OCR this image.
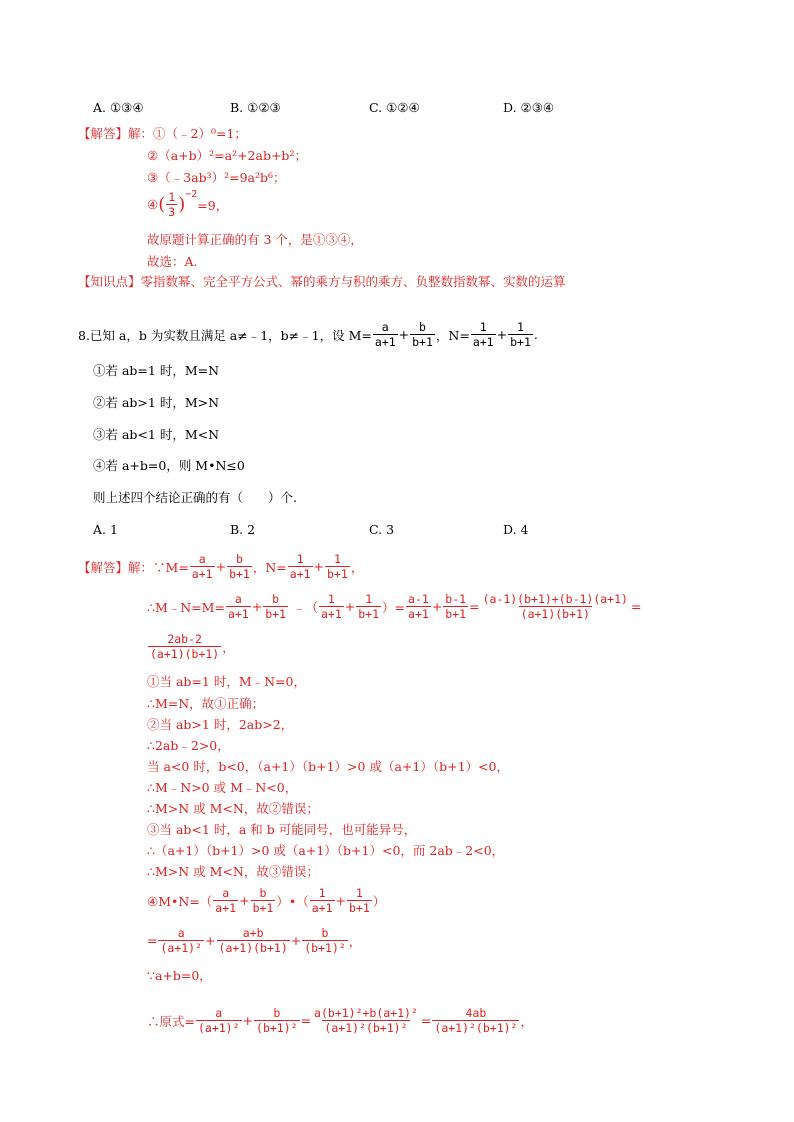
A. ①③④	B. ①②③	C. ①②④	D. ②③④
【解答】解：①（﹣2）⁰=1；
②（a+b）²=a²+2ab+b²；
③（﹣3ab³）²=9a²b⁶；
④ ( $\frac{1}{3}$ ) −2
=9，
故原题计算正确的有 3 个，是①③④，
故选：A.
【知识点】零指数幂、完全平方公式、幂的乘方与积的乘方、负整数指数幂、实数的运算
8.已知 a，b 为实数且满足 a≠﹣1，b≠﹣1，设 $M= \frac{a}{a+1} + \frac{b}{b+1}$ ，$N= \frac{1}{a+1} + \frac{1}{b+1}$ .
①若 ab=1 时，M=N
②若 ab>1 时，M>N
③若 ab<1 时，M<N
④若 a+b=0，则 M•N≤0
则上述四个结论正确的有（　　）个.
A. 1	B. 2	C. 3	D. 4
【解答】 解：∵M= $\frac{a}{a+1} + \frac{b}{b+1}$ ，$N= \frac{1}{a+1} + \frac{1}{b+1}$ ，
∴M﹣N=M= $\frac{a}{a+1} + \frac{b}{b+1}$ ﹣（ $\frac{1}{a+1} + \frac{1}{b+1}$ ）= $\frac{a-1}{a+1} + \frac{b-1}{b+1} = \frac{(a-1)(b+1)+(b-1)(a+1)}{(a+1)(b+1)}$ =
$\frac{2ab-2}{(a+1)(b+1)}$ ，
①当 ab=1 时，M﹣N=0，
∴M=N，故①正确；
②当 ab>1 时，2ab>2，
∴2ab﹣2>0，
当 a<0 时，b<0，（a+1）（b+1）>0 或（a+1）（b+1）<0，
∴M﹣N>0 或 M﹣N<0，
∴M>N 或 M<N，故②错误；
③当 ab<1 时，a 和 b 可能同号，也可能异号，
∴（a+1）（b+1）>0 或（a+1）（b+1）<0，而 2ab﹣2<0，
∴M>N 或 M<N，故③错误；
④M•N=（ $\frac{a}{a+1} + \frac{b}{b+1}$ ）•（ $\frac{1}{a+1} + \frac{1}{b+1}$ ）
= $\frac{a}{\text{(a+1)²}} + \frac{a+b}{(a+1)(b+1)} + \frac{b}{\text{(b+1)²}}$ ，
∵a+b=0，
∴原式= $\frac{a}{\text{(a+1)²}} + \frac{b}{\text{(b+1)²}} = \frac{\text{a(b+1)²+b(a+1)²}}{\text{(a+1)²(b+1)²}} = \frac{4ab}{\text{(a+1)²(b+1)²}}$ ，
